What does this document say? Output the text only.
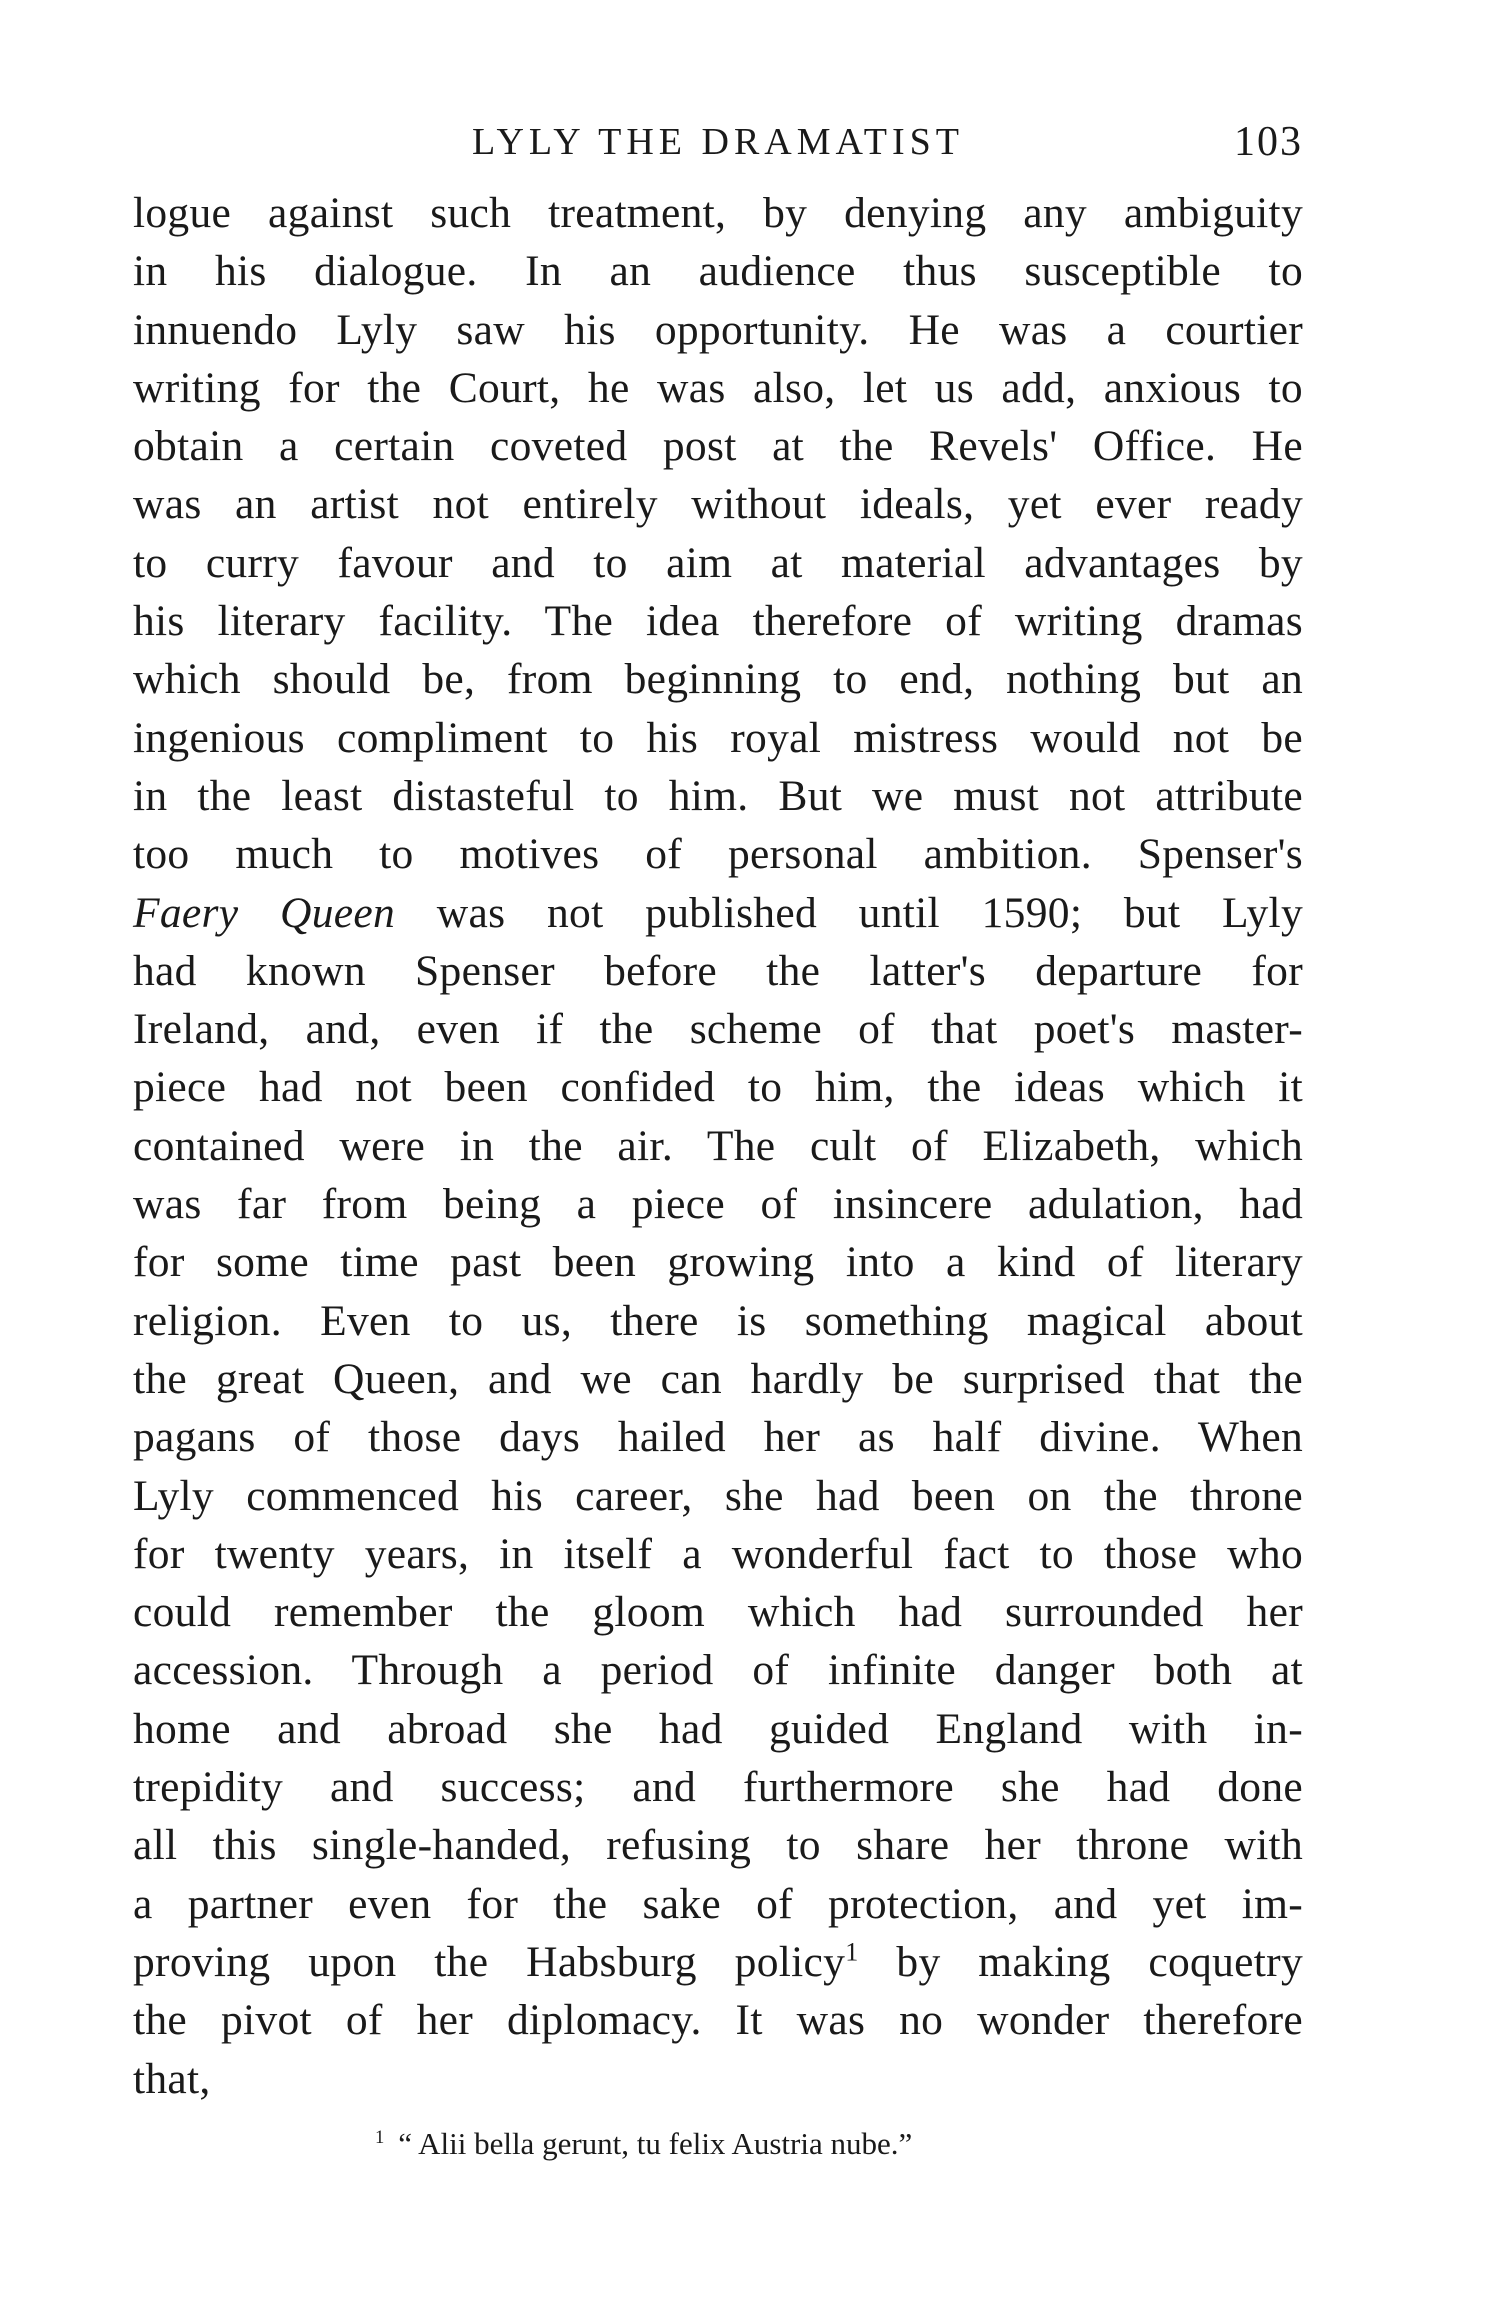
LYLY THE DRAMATIST	103
logue against such treatment, by denying any ambiguity
in his dialogue. In an audience thus susceptible to
innuendo Lyly saw his opportunity. He was a courtier
writing for the Court, he was also, let us add, anxious to
obtain a certain coveted post at the Revels' Office. He
was an artist not entirely without ideals, yet ever ready
to curry favour and to aim at material advantages by
his literary facility. The idea therefore of writing dramas
which should be, from beginning to end, nothing but an
ingenious compliment to his royal mistress would not be
in the least distasteful to him. But we must not attribute
too much to motives of personal ambition. Spenser's
Faery Queen was not published until 1590; but Lyly
had known Spenser before the latter's departure for
Ireland, and, even if the scheme of that poet's master-
piece had not been confided to him, the ideas which it
contained were in the air. The cult of Elizabeth, which
was far from being a piece of insincere adulation, had
for some time past been growing into a kind of literary
religion. Even to us, there is something magical about
the great Queen, and we can hardly be surprised that the
pagans of those days hailed her as half divine. When
Lyly commenced his career, she had been on the throne
for twenty years, in itself a wonderful fact to those who
could remember the gloom which had surrounded her
accession. Through a period of infinite danger both at
home and abroad she had guided England with in-
trepidity and success; and furthermore she had done
all this single-handed, refusing to share her throne with
a partner even for the sake of protection, and yet im-
proving upon the Habsburg policy$^1$ by making coquetry
the pivot of her diplomacy. It was no wonder therefore
that,
$^1$ “ Alii bella gerunt, tu felix Austria nube.”
